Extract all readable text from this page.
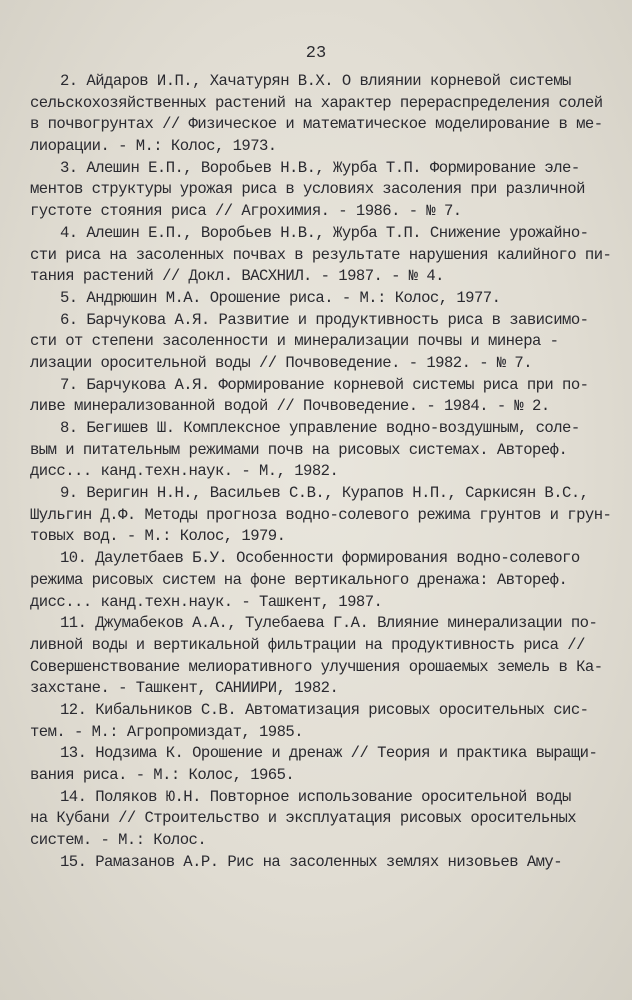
23
2. Айдаров И.П., Хачатурян В.Х. О влиянии корневой системы
сельскохозяйственных растений на характер перераспределения солей
в почвогрунтах // Физическое и математическое моделирование в ме-
лиорации. - М.: Колос, 1973.
3. Алешин Е.П., Воробьев Н.В., Журба Т.П. Формирование эле-
ментов структуры урожая риса в условиях засоления при различной
густоте стояния риса // Агрохимия. - 1986. - № 7.
4. Алешин Е.П., Воробьев Н.В., Журба Т.П. Снижение урожайно-
сти риса на засоленных почвах в результате нарушения калийного пи-
тания растений // Докл. ВАСХНИЛ. - 1987. - № 4.
5. Андрюшин М.А. Орошение риса. - М.: Колос, 1977.
6. Барчукова А.Я. Развитие и продуктивность риса в зависимо-
сти от степени засоленности и минерализации почвы и минера -
лизации оросительной воды // Почвоведение. - 1982. - № 7.
7. Барчукова А.Я. Формирование корневой системы риса при по-
ливе минерализованной водой // Почвоведение. - 1984. - № 2.
8. Бегишев Ш. Комплексное управление водно-воздушным, соле-
вым и питательным режимами почв на рисовых системах. Автореф.
дисс... канд.техн.наук. - М., 1982.
9. Веригин Н.Н., Васильев С.В., Курапов Н.П., Саркисян В.С.,
Шульгин Д.Ф. Методы прогноза водно-солевого режима грунтов и грун-
товых вод. - М.: Колос, 1979.
10. Даулетбаев Б.У. Особенности формирования водно-солевого
режима рисовых систем на фоне вертикального дренажа: Автореф.
дисс... канд.техн.наук. - Ташкент, 1987.
11. Джумабеков А.А., Тулебаева Г.А. Влияние минерализации по-
ливной воды и вертикальной фильтрации на продуктивность риса //
Совершенствование мелиоративного улучшения орошаемых земель в Ка-
захстане. - Ташкент, САНИИРИ, 1982.
12. Кибальников С.В. Автоматизация рисовых оросительных сис-
тем. - М.: Агропромиздат, 1985.
13. Нодзима К. Орошение и дренаж // Теория и практика выращи-
вания риса. - М.: Колос, 1965.
14. Поляков Ю.Н. Повторное использование оросительной воды
на Кубани // Строительство и эксплуатация рисовых оросительных
систем. - М.: Колос.
15. Рамазанов А.Р. Рис на засоленных землях низовьев Аму-
